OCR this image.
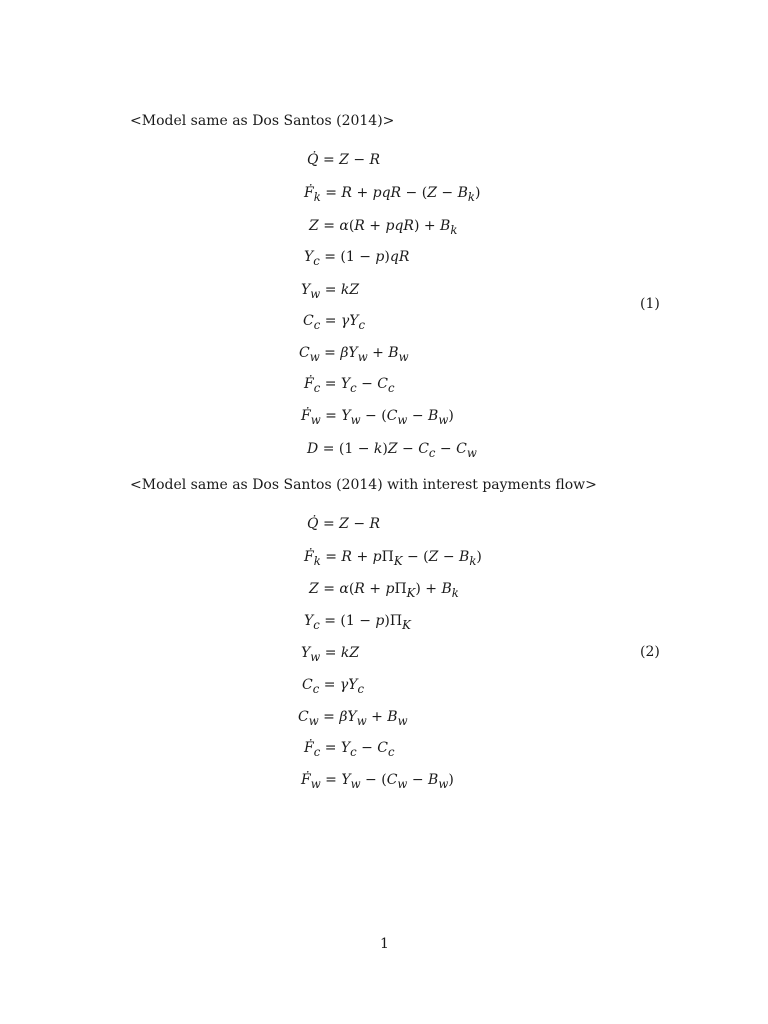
<Model same as Dos Santos (2014)>
Q̇ = Z − R
$Ḟ_k = R$ + pqR − $(Z - B_k)$
$Z = \alpha(R + pqR) + B_k$
$Y_c = (1 - p)qR$
$Y_w$ = kZ
$C_c = \gamma Y_c$
$C_w = \beta Y_w + B_w$
$Ḟ_c = Y_c - C_c$
$Ḟ_w = Y_w - (C_w - B_w)$
$D = (1 - k)Z - C_c - C_w$
(1)
<Model same as Dos Santos (2014) with interest payments flow>
Q̇ = Z − R
$Ḟ_k = R + p\Pi_K - (Z - B_k)$
$Z = \alpha(R + p\Pi_K) + B_k$
$Y_c = (1 - p)\Pi_K$
$Y_w$ = kZ
$C_c = \gamma Y_c$
$C_w = \beta Y_w + B_w$
$Ḟ_c = Y_c - C_c$
$Ḟ_w = Y_w - (C_w - B_w)$
(2)
1
